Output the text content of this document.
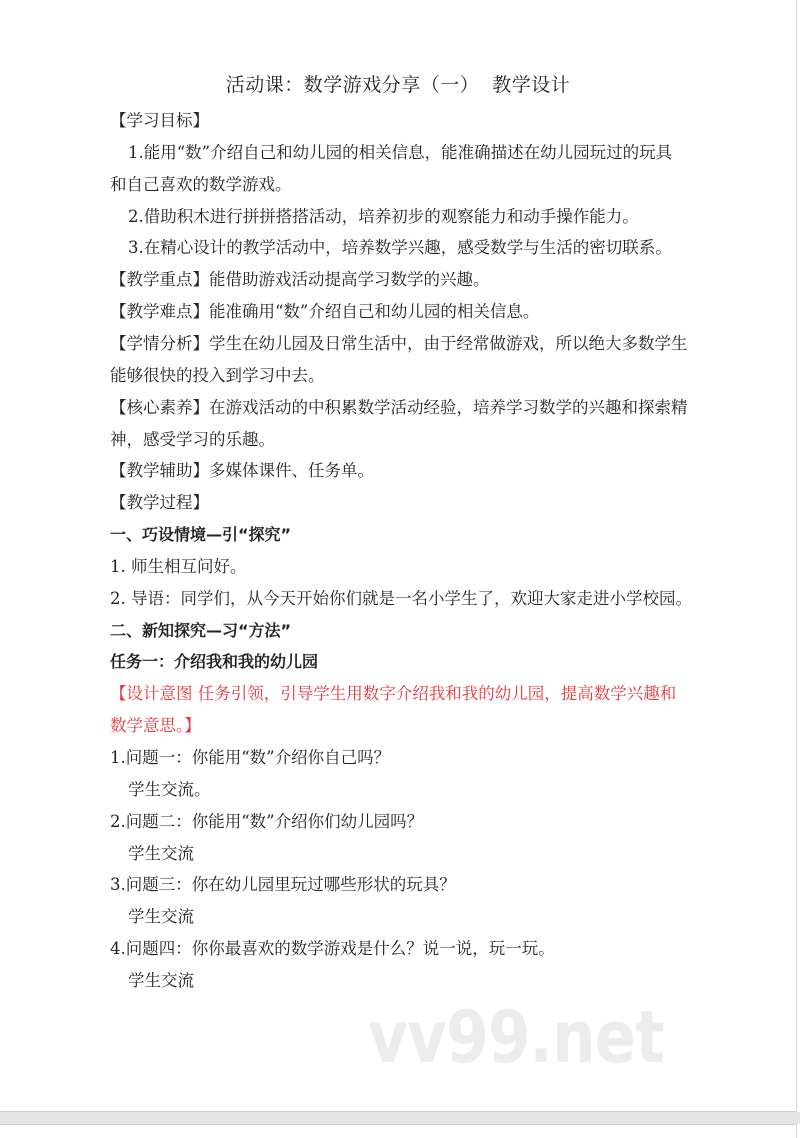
活动课：数学游戏分享（一）  教学设计
【学习目标】
1.能用“数”介绍自己和幼儿园的相关信息，能准确描述在幼儿园玩过的玩具
和自己喜欢的数学游戏。
2.借助积木进行拼拼搭搭活动，培养初步的观察能力和动手操作能力。
3.在精心设计的教学活动中，培养数学兴趣，感受数学与生活的密切联系。
【教学重点】能借助游戏活动提高学习数学的兴趣。
【教学难点】能准确用“数”介绍自己和幼儿园的相关信息。
【学情分析】学生在幼儿园及日常生活中，由于经常做游戏，所以绝大多数学生
能够很快的投入到学习中去。
【核心素养】在游戏活动的中积累数学活动经验，培养学习数学的兴趣和探索精
神，感受学习的乐趣。
【教学辅助】多媒体课件、任务单。
【教学过程】
一、巧设情境—引“探究”
1. 师生相互问好。
2. 导语：同学们，从今天开始你们就是一名小学生了，欢迎大家走进小学校园。
二、新知探究—习“方法”
任务一：介绍我和我的幼儿园
【设计意图 任务引领，引导学生用数字介绍我和我的幼儿园，提高数学兴趣和
数学意思。】
1.问题一：你能用“数”介绍你自己吗？
学生交流。
2.问题二：你能用“数”介绍你们幼儿园吗？
学生交流
3.问题三：你在幼儿园里玩过哪些形状的玩具？
学生交流
4.问题四：你你最喜欢的数学游戏是什么？说一说，玩一玩。
学生交流
vv99.net
